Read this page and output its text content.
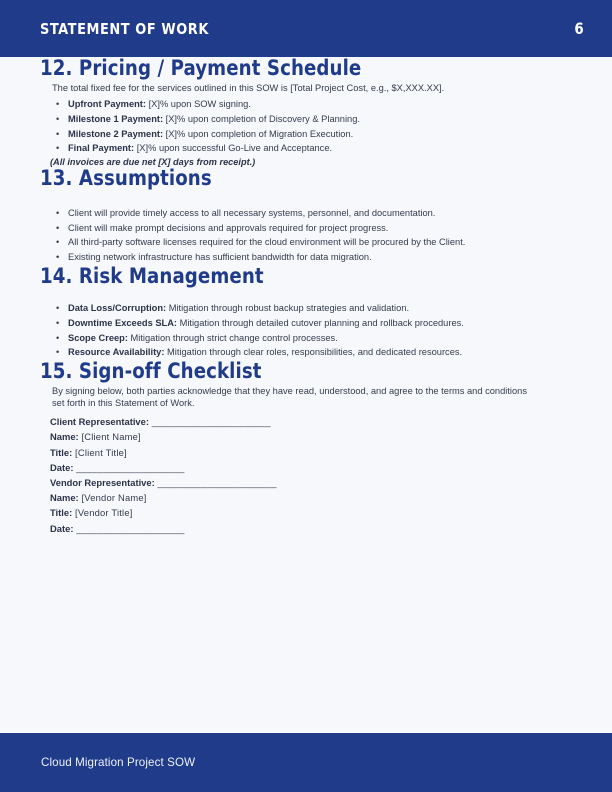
STATEMENT OF WORK	6
12. Pricing / Payment Schedule

The total fixed fee for the services outlined in this SOW is [Total Project Cost, e.g., $X,XXX.XX].

• Upfront Payment: [X]% upon SOW signing.
• Milestone 1 Payment: [X]% upon completion of Discovery & Planning.
• Milestone 2 Payment: [X]% upon completion of Migration Execution.
• Final Payment: [X]% upon successful Go-Live and Acceptance.

(All invoices are due net [X] days from receipt.)

13. Assumptions
• Client will provide timely access to all necessary systems, personnel, and documentation.
• Client will make prompt decisions and approvals required for project progress.
• All third-party software licenses required for the cloud environment will be procured by the Client.
• Existing network infrastructure has sufficient bandwidth for data migration.
14. Risk Management
• Data Loss/Corruption: Mitigation through robust backup strategies and validation.
• Downtime Exceeds SLA: Mitigation through detailed cutover planning and rollback procedures.
• Scope Creep: Mitigation through strict change control processes.
• Resource Availability: Mitigation through clear roles, responsibilities, and dedicated resources.
15. Sign-off Checklist

By signing below, both parties acknowledge that they have read, understood, and agree to the terms and conditions set forth in this Statement of Work.

Client Representative: ______________________
Name: [Client Name]
Title: [Client Title]
Date: ____________________
Vendor Representative: ______________________
Name: [Vendor Name]
Title: [Vendor Title]
Date: ____________________
Cloud Migration Project SOW
